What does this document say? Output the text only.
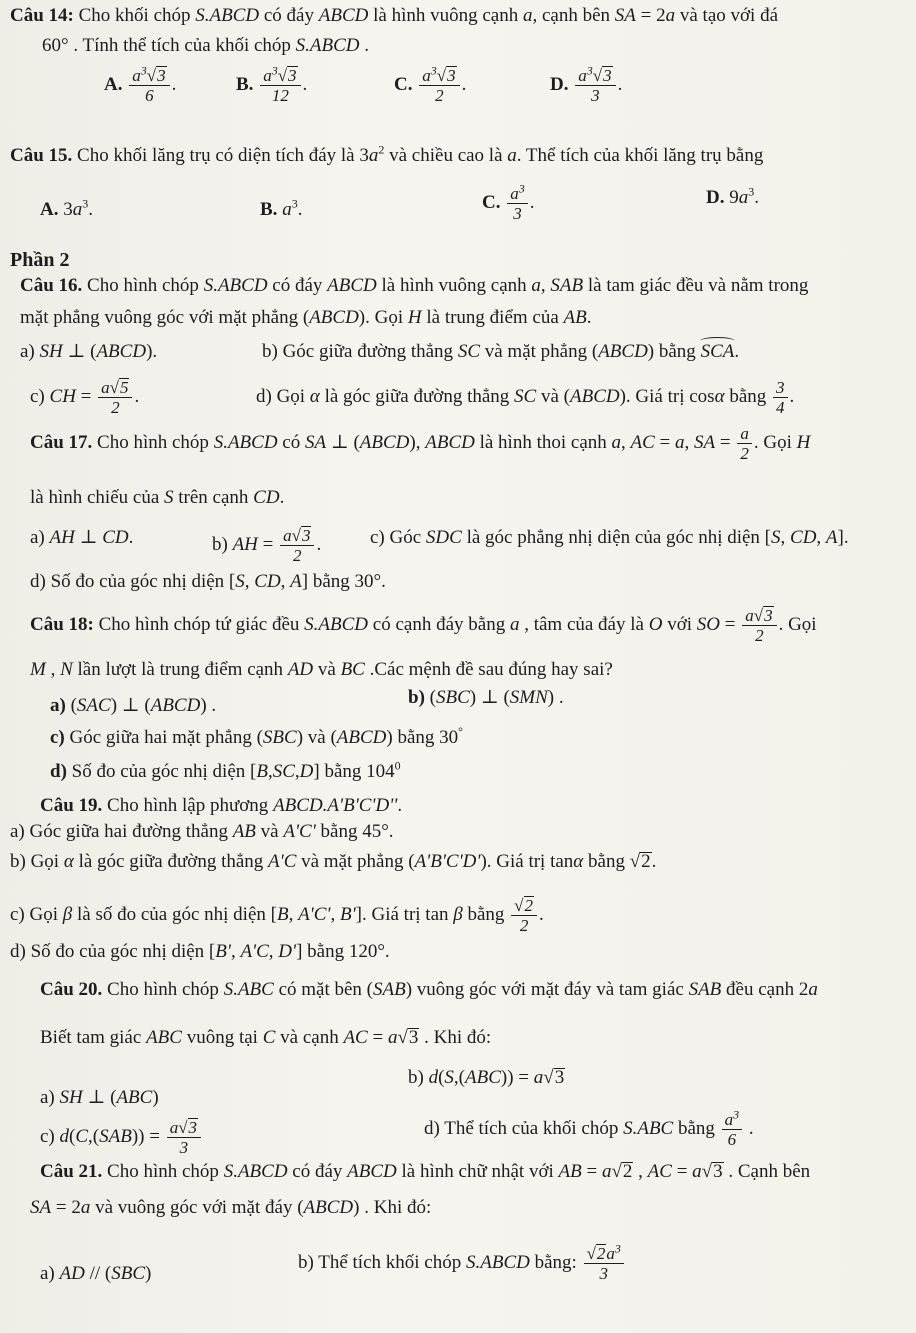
Câu 14: Cho khối chóp S.ABCD có đáy ABCD là hình vuông cạnh a, cạnh bên SA = 2a và tạo với đá
60° . Tính thể tích của khối chóp S.ABCD .
A. $\frac{a^3√3}{6}$ .	B. $\frac{a^3√3}{12}$ .	C. $\frac{a^3√3}{2}$ .	D. $\frac{a^3√3}{3}$ .
Câu 15. Cho khối lăng trụ có diện tích đáy là $3a^2$ và chiều cao là a. Thể tích của khối lăng trụ bằng
A. $3a^3$.	B. $a^3$.	C. $\frac{a^3}{3}$ .	D. $9a^3$.
Phần 2
Câu 16. Cho hình chóp S.ABCD có đáy ABCD là hình vuông cạnh a, SAB là tam giác đều và nằm trong
mặt phẳng vuông góc với mặt phẳng (ABCD). Gọi H là trung điểm của AB.
a) SH ⊥ (ABCD).	b) Góc giữa đường thẳng SC và mặt phẳng (ABCD) bằng SCA.
c) CH = $\frac{a√5}{2}$ .	d) Gọi α là góc giữa đường thẳng SC và (ABCD). Giá trị cosα bằng $\frac{3}{4}$ .
Câu 17. Cho hình chóp S.ABCD có SA ⊥ (ABCD), ABCD là hình thoi cạnh a, AC = a, SA = $\frac{a}{2}$ . Gọi H
là hình chiếu của S trên cạnh CD.
a) AH ⊥ CD.	b) AH = $\frac{a√3}{2}$ .	c) Góc SDC là góc phẳng nhị diện của góc nhị diện [S, CD, A].
d) Số đo của góc nhị diện [S, CD, A] bằng 30°.
Câu 18: Cho hình chóp tứ giác đều S.ABCD có cạnh đáy bằng a , tâm của đáy là O với SO = $\frac{a√3}{2}$ . Gọi
M , N lần lượt là trung điểm cạnh AD và BC .Các mệnh đề sau đúng hay sai?
a) (SAC) ⊥ (ABCD) .	b) (SBC) ⊥ (SMN) .
c) Góc giữa hai mặt phẳng (SBC) và (ABCD) bằng 30°
d) Số đo của góc nhị diện [B,SC,D] bằng $104^0$
Câu 19. Cho hình lập phương ABCD.A'B'C'D''.
a) Góc giữa hai đường thẳng AB và A'C' bằng 45°.
b) Gọi α là góc giữa đường thẳng A'C và mặt phẳng (A'B'C'D'). Giá trị tanα bằng √2.
c) Gọi β là số đo của góc nhị diện [B, A'C', B']. Giá trị tan β bằng $\frac{√2}{2}$ .
d) Số đo của góc nhị diện [B', A'C, D'] bằng 120°.
Câu 20. Cho hình chóp S.ABC có mặt bên (SAB) vuông góc với mặt đáy và tam giác SAB đều cạnh 2a
Biết tam giác ABC vuông tại C và cạnh AC = a√3 . Khi đó:
a) SH ⊥ (ABC)
b) d(S,(ABC)) = a√3
c) $d(C,(SAB)) = \frac{a√3}{3}$	d) Thể tích của khối chóp S.ABC bằng $\frac{a^3}{6}$ .
Câu 21. Cho hình chóp S.ABCD có đáy ABCD là hình chữ nhật với AB = a√2 , AC = a√3 . Cạnh bên
SA = 2a và vuông góc với mặt đáy (ABCD) . Khi đó:
a) AD // (SBC)
b) Thể tích khối chóp S.ABCD bằng: $\frac{√2a^3}{3}$
